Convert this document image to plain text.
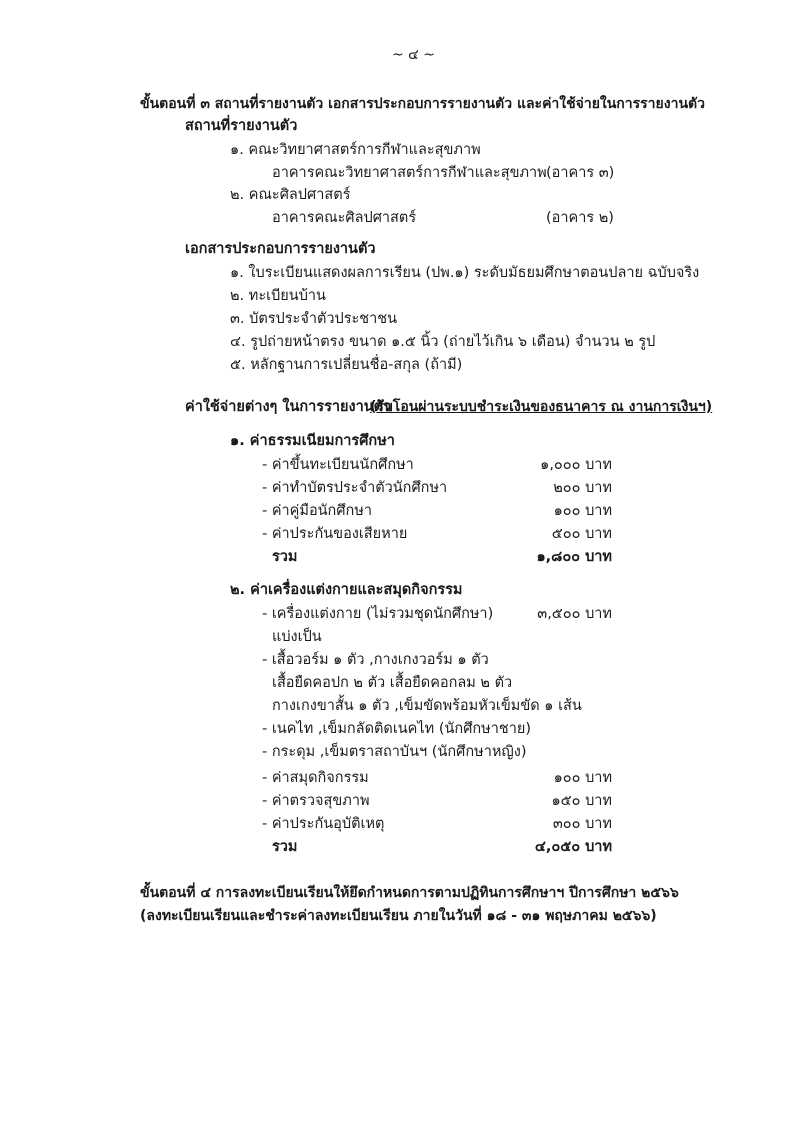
~ ๔ ~
ขั้นตอนที่ ๓ สถานที่รายงานตัว เอกสารประกอบการรายงานตัว และค่าใช้จ่ายในการรายงานตัว
สถานที่รายงานตัว
๑. คณะวิทยาศาสตร์การกีฬาและสุขภาพ
อาคารคณะวิทยาศาสตร์การกีฬาและสุขภาพ (อาคาร ๓)
๒. คณะศิลปศาสตร์
อาคารคณะศิลปศาสตร์	(อาคาร ๒)
เอกสารประกอบการรายงานตัว
๑. ใบระเบียนแสดงผลการเรียน (ปพ.๑) ระดับมัธยมศึกษาตอนปลาย ฉบับจริง
๒. ทะเบียนบ้าน
๓. บัตรประจำตัวประชาชน
๔. รูปถ่ายหน้าตรง ขนาด ๑.๕ นิ้ว (ถ่ายไว้เกิน ๖ เดือน) จำนวน ๒ รูป
๕. หลักฐานการเปลี่ยนชื่อ-สกุล (ถ้ามี)
ค่าใช้จ่ายต่างๆ ในการรายงานตัว
(รับโอนผ่านระบบชำระเงินของธนาคาร ณ งานการเงินฯ)
๑. ค่าธรรมเนียมการศึกษา
- ค่าขึ้นทะเบียนนักศึกษา	๑,๐๐๐ บาท
- ค่าทำบัตรประจำตัวนักศึกษา	๒๐๐ บาท
- ค่าคู่มือนักศึกษา	๑๐๐ บาท
- ค่าประกันของเสียหาย	๕๐๐ บาท
รวม	๑,๘๐๐ บาท
๒. ค่าเครื่องแต่งกายและสมุดกิจกรรม
- เครื่องแต่งกาย (ไม่รวมชุดนักศึกษา)	๓,๕๐๐ บาท
แบ่งเป็น
- เสื้อวอร์ม ๑ ตัว ,กางเกงวอร์ม ๑ ตัว
เสื้อยืดคอปก ๒ ตัว เสื้อยืดคอกลม ๒ ตัว
กางเกงขาสั้น ๑ ตัว ,เข็มขัดพร้อมหัวเข็มขัด ๑ เส้น
- เนคไท ,เข็มกลัดติดเนคไท (นักศึกษาชาย)
- กระดุม ,เข็มตราสถาบันฯ (นักศึกษาหญิง)
- ค่าสมุดกิจกรรม	๑๐๐ บาท
- ค่าตรวจสุขภาพ	๑๕๐ บาท
- ค่าประกันอุบัติเหตุ	๓๐๐ บาท
รวม	๔,๐๕๐ บาท
ขั้นตอนที่ ๔ การลงทะเบียนเรียนให้ยึดกำหนดการตามปฏิทินการศึกษาฯ ปีการศึกษา ๒๕๖๖
(ลงทะเบียนเรียนและชำระค่าลงทะเบียนเรียน ภายในวันที่ ๑๘ - ๓๑ พฤษภาคม ๒๕๖๖)
